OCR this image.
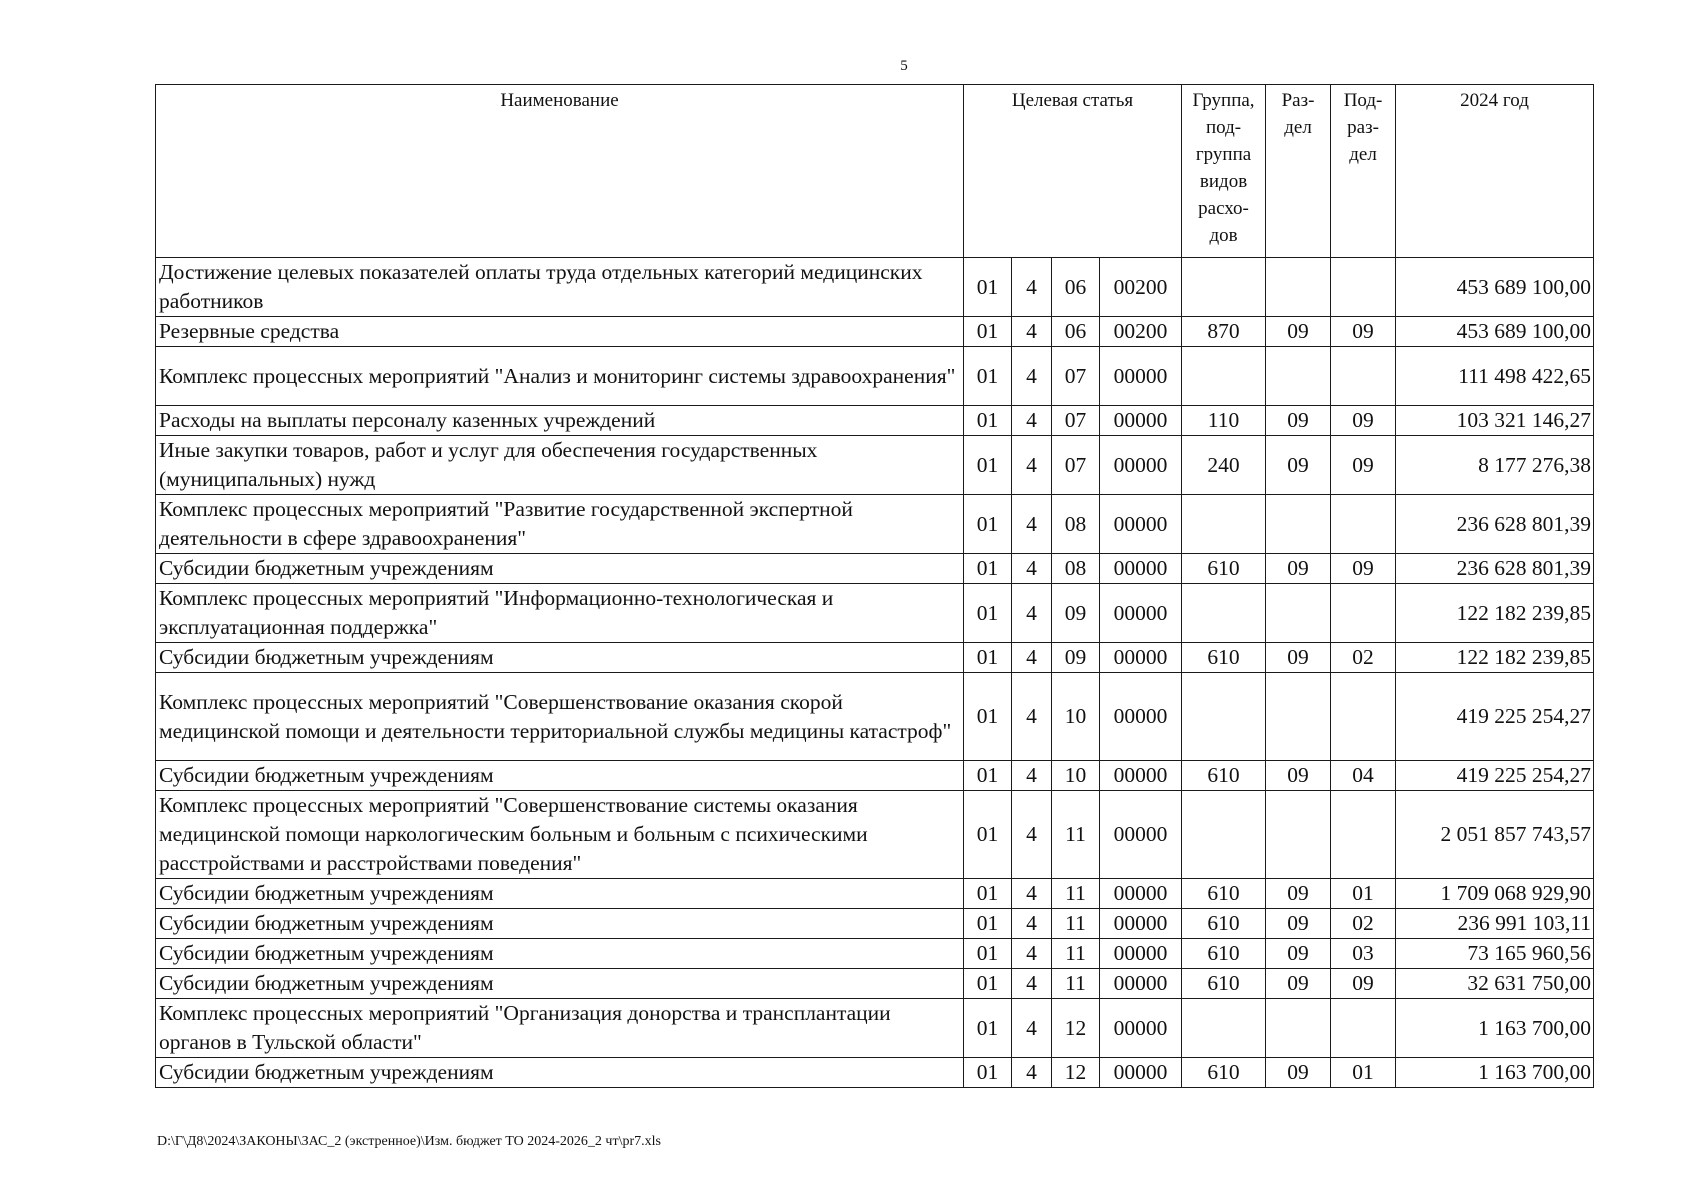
5
Наименование	Целевая статья				Группа, под-группа видов расхо-дов	Раз-дел	Под-раз-дел	2024 год
Достижение целевых показателей оплаты труда отдельных категорий медицинских работников	01	4	06	00200				453 689 100,00
Резервные средства	01	4	06	00200	870	09	09	453 689 100,00
Комплекс процессных мероприятий "Анализ и мониторинг системы здравоохранения"	01	4	07	00000				111 498 422,65
Расходы на выплаты персоналу казенных учреждений	01	4	07	00000	110	09	09	103 321 146,27
Иные закупки товаров, работ и услуг для обеспечения государственных (муниципальных) нужд	01	4	07	00000	240	09	09	8 177 276,38
Комплекс процессных мероприятий "Развитие государственной экспертной деятельности в сфере здравоохранения"	01	4	08	00000				236 628 801,39
Субсидии бюджетным учреждениям	01	4	08	00000	610	09	09	236 628 801,39
Комплекс процессных мероприятий "Информационно-технологическая и эксплуатационная поддержка"	01	4	09	00000				122 182 239,85
Субсидии бюджетным учреждениям	01	4	09	00000	610	09	02	122 182 239,85
Комплекс процессных мероприятий "Совершенствование оказания скорой медицинской помощи и деятельности территориальной службы медицины катастроф"	01	4	10	00000				419 225 254,27
Субсидии бюджетным учреждениям	01	4	10	00000	610	09	04	419 225 254,27
Комплекс процессных мероприятий "Совершенствование системы оказания медицинской помощи наркологическим больным и больным с психическими расстройствами и расстройствами поведения"	01	4	11	00000				2 051 857 743,57
Субсидии бюджетным учреждениям	01	4	11	00000	610	09	01	1 709 068 929,90
Субсидии бюджетным учреждениям	01	4	11	00000	610	09	02	236 991 103,11
Субсидии бюджетным учреждениям	01	4	11	00000	610	09	03	73 165 960,56
Субсидии бюджетным учреждениям	01	4	11	00000	610	09	09	32 631 750,00
Комплекс процессных мероприятий "Организация донорства и трансплантации органов в Тульской области"	01	4	12	00000				1 163 700,00
Субсидии бюджетным учреждениям	01	4	12	00000	610	09	01	1 163 700,00
D:\Г\Д8\2024\ЗАКОНЫ\ЗАС_2 (экстренное)\Изм. бюджет ТО 2024-2026_2 чт\pr7.xls
